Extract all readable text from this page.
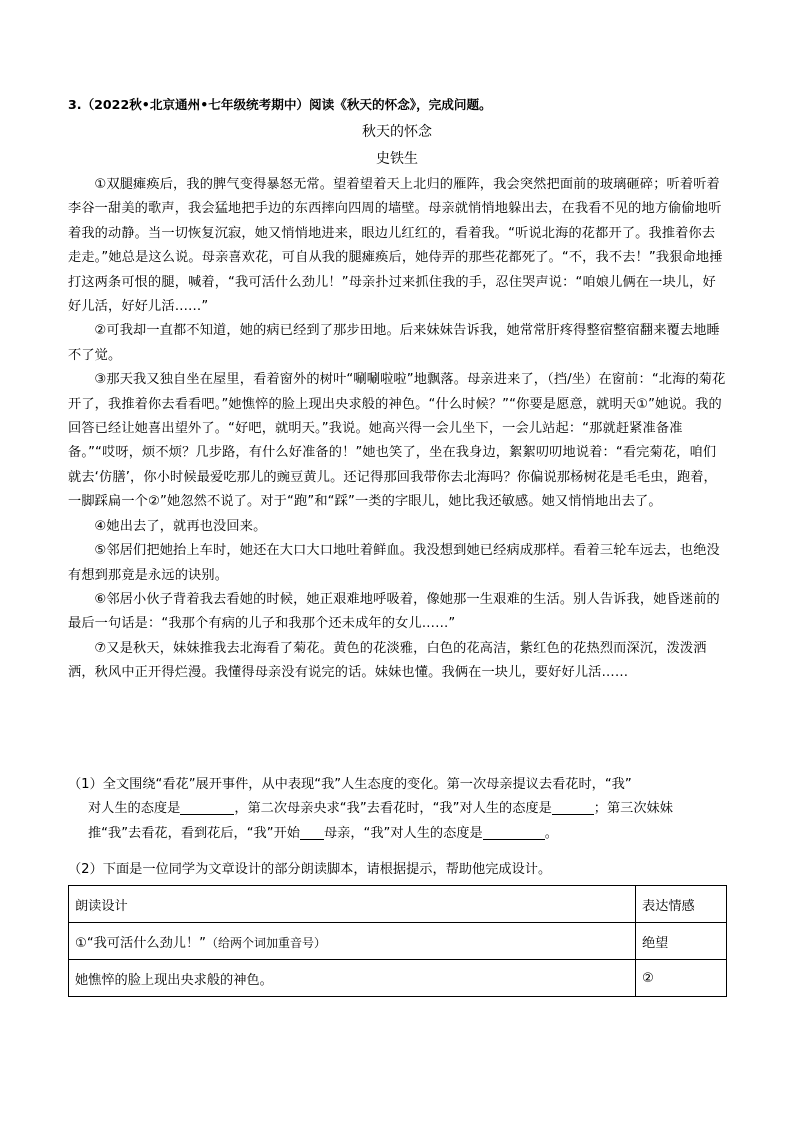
3.（2022秋•北京通州•七年级统考期中）阅读《秋天的怀念》，完成问题。
秋天的怀念
史铁生

①双腿瘫痪后，我的脾气变得暴怒无常。望着望着天上北归的雁阵，我会突然把面前的玻璃砸碎；听着听着李谷一甜美的歌声，我会猛地把手边的东西摔向四周的墙壁。母亲就悄悄地躲出去，在我看不见的地方偷偷地听着我的动静。当一切恢复沉寂，她又悄悄地进来，眼边儿红红的，看着我。“听说北海的花都开了。我推着你去走走。”她总是这么说。母亲喜欢花，可自从我的腿瘫痪后，她侍弄的那些花都死了。“不，我不去！”我狠命地捶打这两条可恨的腿，喊着，“我可活什么劲儿！”母亲扑过来抓住我的手，忍住哭声说：“咱娘儿俩在一块儿，好好儿活，好好儿活……”

②可我却一直都不知道，她的病已经到了那步田地。后来妹妹告诉我，她常常肝疼得整宿整宿翻来覆去地睡不了觉。

③那天我又独自坐在屋里，看着窗外的树叶“唰唰啦啦”地飘落。母亲进来了，（挡/坐）在窗前：“北海的菊花开了，我推着你去看看吧。”她憔悴的脸上现出央求般的神色。“什么时候？”“你要是愿意，就明天①”她说。我的回答已经让她喜出望外了。“好吧，就明天。”我说。她高兴得一会儿坐下，一会儿站起：“那就赶紧准备准备。”“哎呀，烦不烦？几步路，有什么好准备的！”她也笑了，坐在我身边，絮絮叨叨地说着：“看完菊花，咱们就去‘仿膳’，你小时候最爱吃那儿的豌豆黄儿。还记得那回我带你去北海吗？你偏说那杨树花是毛毛虫，跑着，一脚踩扁一个②”她忽然不说了。对于“跑”和“踩”一类的字眼儿，她比我还敏感。她又悄悄地出去了。

④她出去了，就再也没回来。

⑤邻居们把她抬上车时，她还在大口大口地吐着鲜血。我没想到她已经病成那样。看着三轮车远去，也绝没有想到那竟是永远的诀别。

⑥邻居小伙子背着我去看她的时候，她正艰难地呼吸着，像她那一生艰难的生活。别人告诉我，她昏迷前的最后一句话是：“我那个有病的儿子和我那个还未成年的女儿……”

⑦又是秋天，妹妹推我去北海看了菊花。黄色的花淡雅，白色的花高洁，紫红色的花热烈而深沉，泼泼洒洒，秋风中正开得烂漫。我懂得母亲没有说完的话。妹妹也懂。我俩在一块儿，要好好儿活……

（1）全文围绕“看花”展开事件，从中表现“我”人生态度的变化。第一次母亲提议去看花时，“我”

对人生的态度是	，第二次母亲央求“我”去看花时，“我”对人生的态度是	；第三次妹妹

推“我”去看花，看到花后，“我”开始 母亲，“我”对人生的态度是	。

（2）下面是一位同学为文章设计的部分朗读脚本，请根据提示，帮助他完成设计。

朗读设计	表达情感
①“我可活什么劲儿！”（给两个词加重音号）	绝望
她憔悴的脸上现出央求般的神色。	②
